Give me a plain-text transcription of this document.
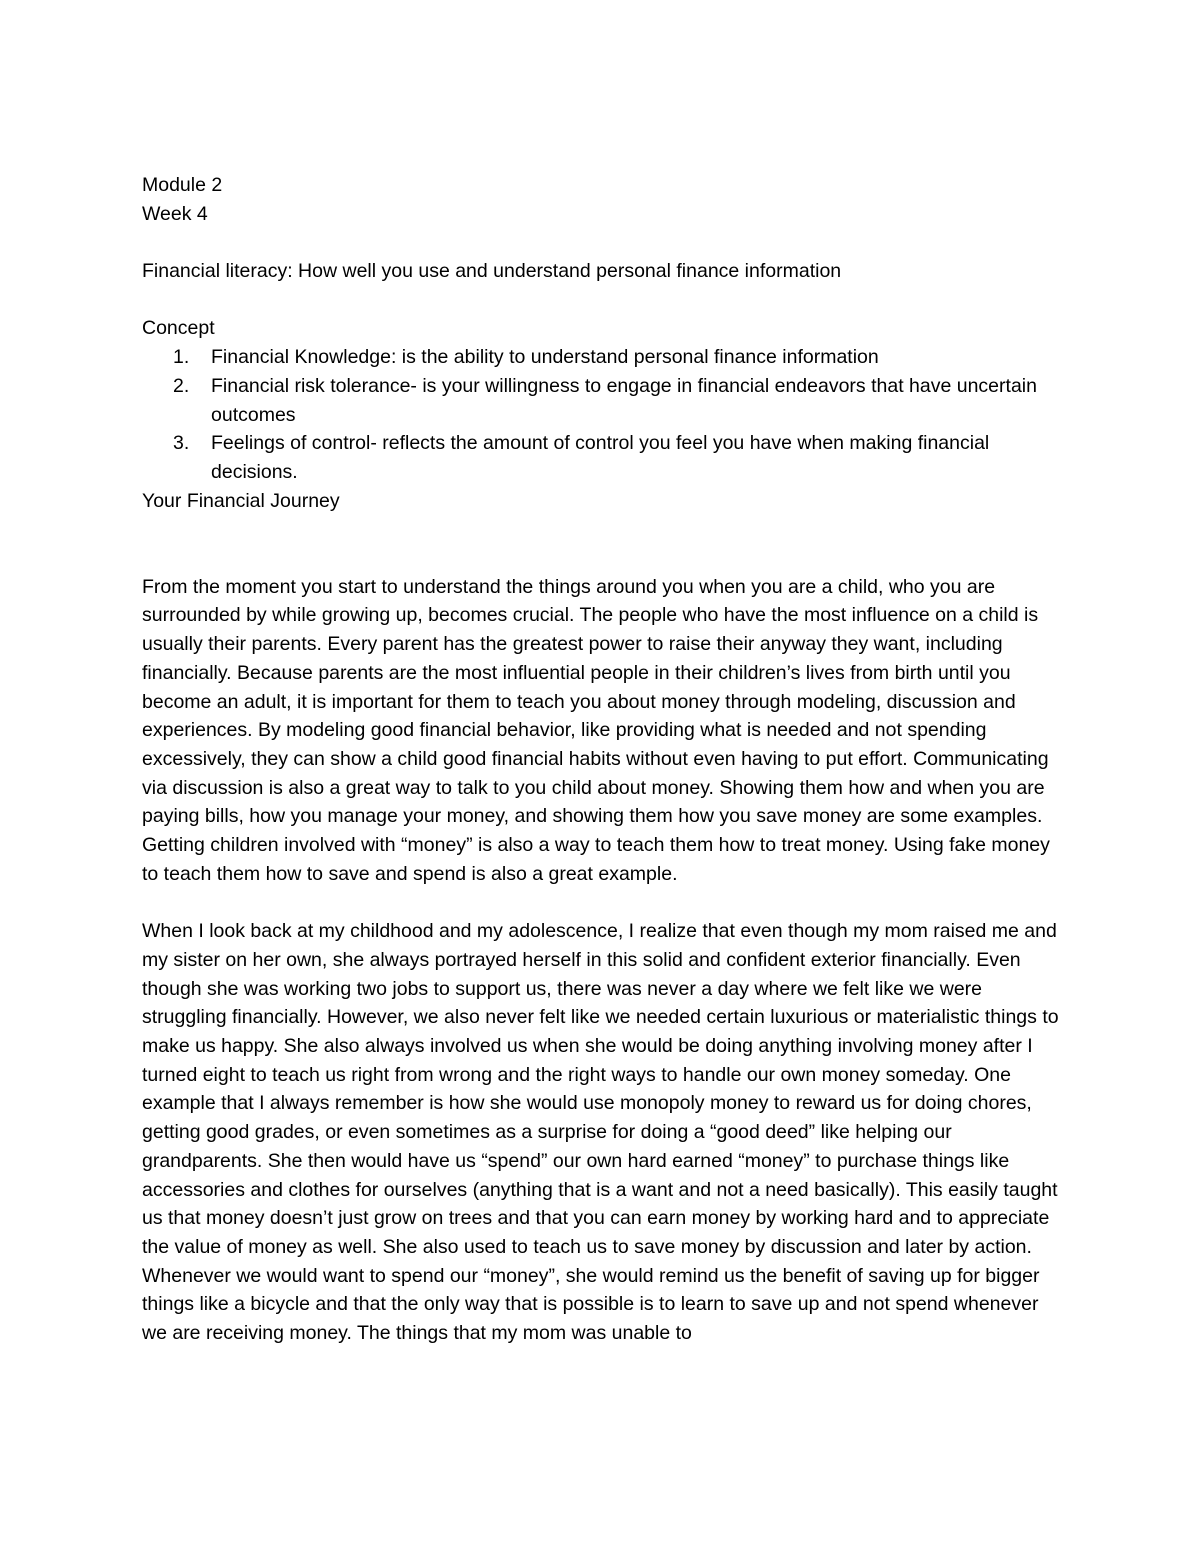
Module 2
Week 4
Financial literacy: How well you use and understand personal finance information
Concept
1. Financial Knowledge: is the ability to understand personal finance information
2. Financial risk tolerance- is your willingness to engage in financial endeavors that have uncertain outcomes
3. Feelings of control- reflects the amount of control you feel you have when making financial decisions.
Your Financial Journey

From the moment you start to understand the things around you when you are a child, who you are surrounded by while growing up, becomes crucial. The people who have the most influence on a child is usually their parents. Every parent has the greatest power to raise their anyway they want, including financially. Because parents are the most influential people in their children’s lives from birth until you become an adult, it is important for them to teach you about money through modeling, discussion and experiences. By modeling good financial behavior, like providing what is needed and not spending excessively, they can show a child good financial habits without even having to put effort. Communicating via discussion is also a great way to talk to you child about money. Showing them how and when you are paying bills, how you manage your money, and showing them how you save money are some examples. Getting children involved with “money” is also a way to teach them how to treat money. Using fake money to teach them how to save and spend is also a great example.

When I look back at my childhood and my adolescence, I realize that even though my mom raised me and my sister on her own, she always portrayed herself in this solid and confident exterior financially. Even though she was working two jobs to support us, there was never a day where we felt like we were struggling financially. However, we also never felt like we needed certain luxurious or materialistic things to make us happy. She also always involved us when she would be doing anything involving money after I turned eight to teach us right from wrong and the right ways to handle our own money someday. One example that I always remember is how she would use monopoly money to reward us for doing chores, getting good grades, or even sometimes as a surprise for doing a “good deed” like helping our grandparents. She then would have us “spend” our own hard earned “money” to purchase things like accessories and clothes for ourselves (anything that is a want and not a need basically). This easily taught us that money doesn’t just grow on trees and that you can earn money by working hard and to appreciate the value of money as well. She also used to teach us to save money by discussion and later by action. Whenever we would want to spend our “money”, she would remind us the benefit of saving up for bigger things like a bicycle and that the only way that is possible is to learn to save up and not spend whenever we are receiving money. The things that my mom was unable to
